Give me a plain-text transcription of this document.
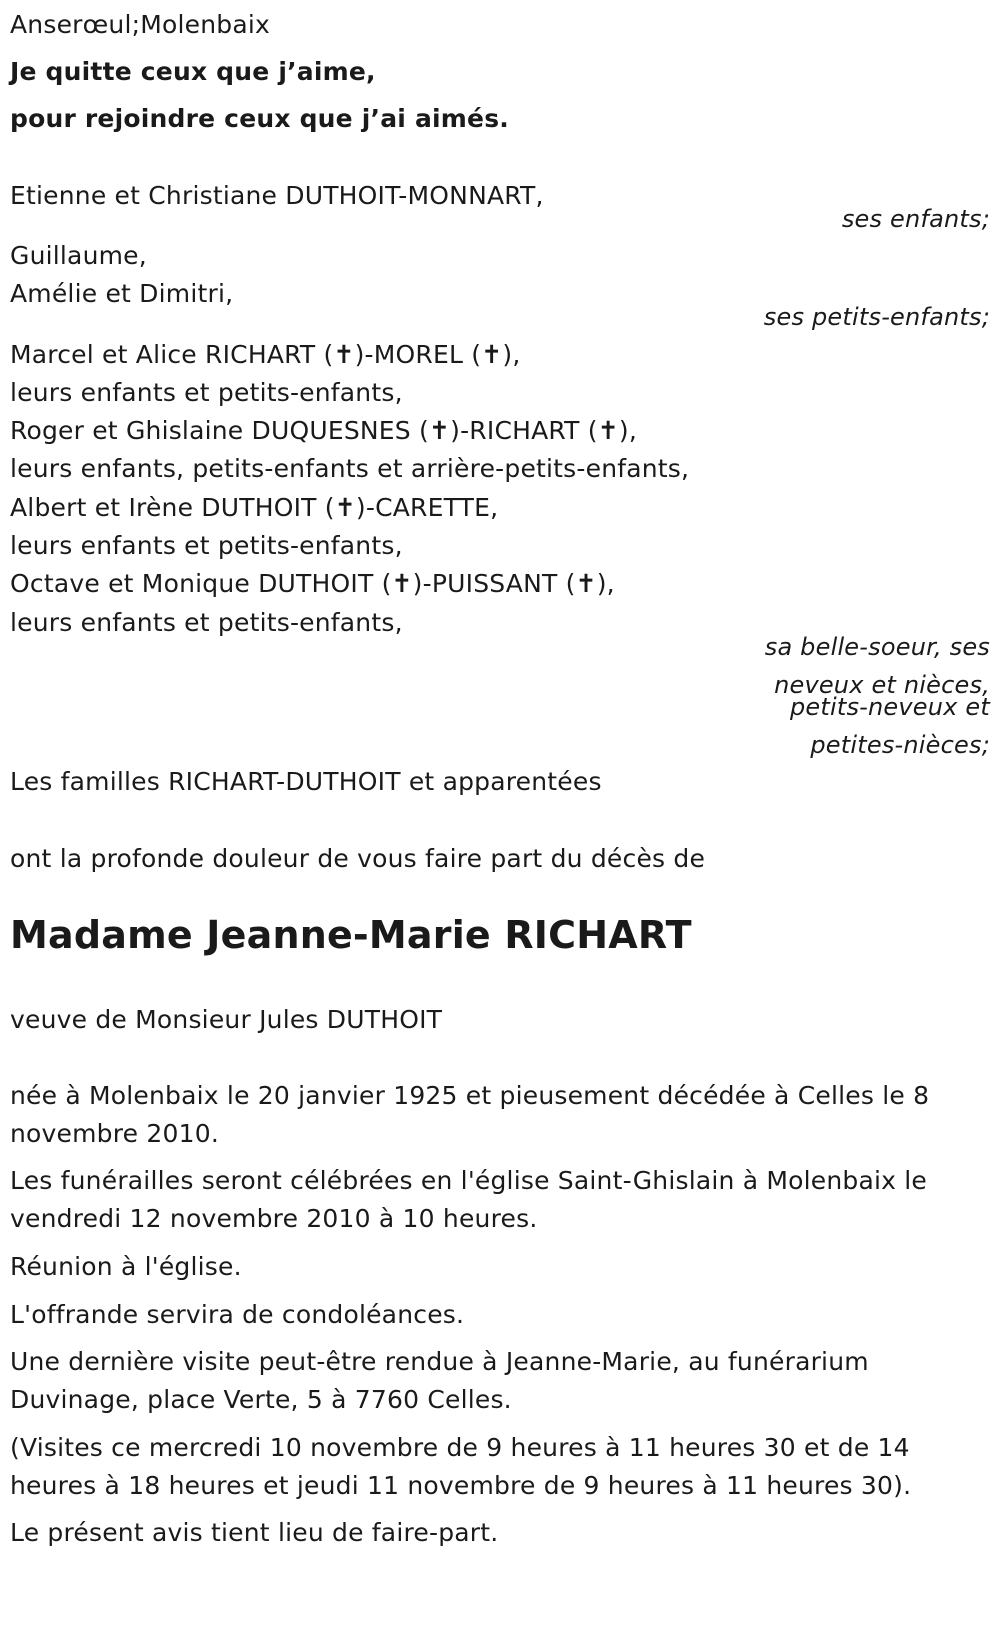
Anserœul;Molenbaix
Je quitte ceux que j’aime,
pour rejoindre ceux que j’ai aimés.
Etienne et Christiane DUTHOIT-MONNART,
ses enfants;
Guillaume,
Amélie et Dimitri,
ses petits-enfants;
Marcel et Alice RICHART (✝)-MOREL (✝),
leurs enfants et petits-enfants,
Roger et Ghislaine DUQUESNES (✝)-RICHART (✝),
leurs enfants, petits-enfants et arrière-petits-enfants,
Albert et Irène DUTHOIT (✝)-CARETTE,
leurs enfants et petits-enfants,
Octave et Monique DUTHOIT (✝)-PUISSANT (✝),
leurs enfants et petits-enfants,
sa belle-soeur, ses
neveux et nièces,
petits-neveux et
petites-nièces;
Les familles RICHART-DUTHOIT et apparentées
ont la profonde douleur de vous faire part du décès de
Madame Jeanne-Marie RICHART
veuve de Monsieur Jules DUTHOIT
née à Molenbaix le 20 janvier 1925 et pieusement décédée à Celles le 8
novembre 2010.
Les funérailles seront célébrées en l'église Saint-Ghislain à Molenbaix le
vendredi 12 novembre 2010 à 10 heures.
Réunion à l'église.
L'offrande servira de condoléances.
Une dernière visite peut-être rendue à Jeanne-Marie, au funérarium
Duvinage, place Verte, 5 à 7760 Celles.
(Visites ce mercredi 10 novembre de 9 heures à 11 heures 30 et de 14
heures à 18 heures et jeudi 11 novembre de 9 heures à 11 heures 30).
Le présent avis tient lieu de faire-part.
